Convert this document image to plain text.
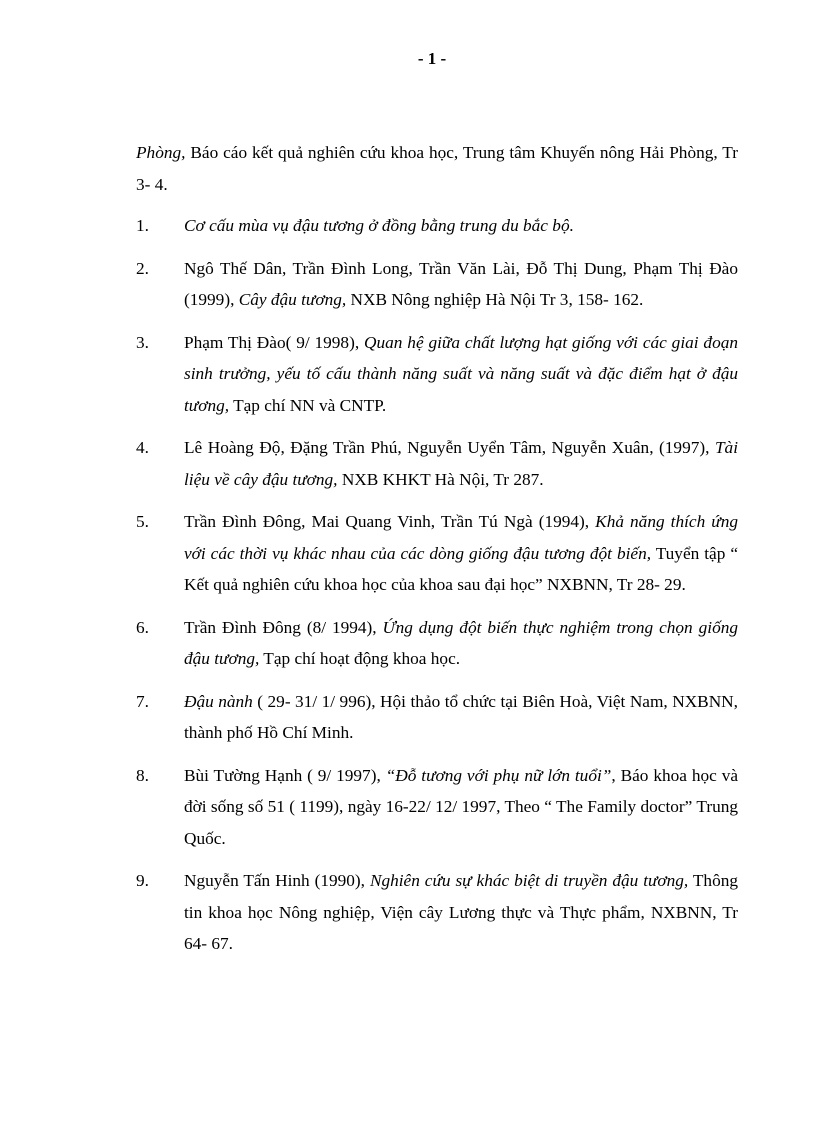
- 1 -

Phòng, Báo cáo kết quả nghiên cứu khoa học, Trung tâm Khuyến nông Hải Phòng, Tr 3- 4.

1. Cơ cấu mùa vụ đậu tương ở đồng bằng trung du bắc bộ.
2. Ngô Thế Dân, Trần Đình Long, Trần Văn Lài, Đỗ Thị Dung, Phạm Thị Đào (1999), Cây đậu tương, NXB Nông nghiệp Hà Nội Tr 3, 158- 162.
3. Phạm Thị Đào( 9/ 1998), Quan hệ giữa chất lượng hạt giống với các giai đoạn sinh trưởng, yếu tố cấu thành năng suất và năng suất và đặc điểm hạt ở đậu tương, Tạp chí NN và CNTP.
4. Lê Hoàng Độ, Đặng Trần Phú, Nguyễn Uyển Tâm, Nguyễn Xuân, (1997), Tài liệu về cây đậu tương, NXB KHKT Hà Nội, Tr 287.
5. Trần Đình Đông, Mai Quang Vinh, Trần Tú Ngà (1994), Khả năng thích ứng với các thời vụ khác nhau của các dòng giống đậu tương đột biến, Tuyển tập “ Kết quả nghiên cứu khoa học của khoa sau đại học” NXBNN, Tr 28- 29.
6. Trần Đình Đông (8/ 1994), Ứng dụng đột biến thực nghiệm trong chọn giống đậu tương, Tạp chí hoạt động khoa học.
7. Đậu nành ( 29- 31/ 1/ 996), Hội thảo tổ chức tại Biên Hoà, Việt Nam, NXBNN, thành phố Hồ Chí Minh.
8. Bùi Tường Hạnh ( 9/ 1997), “Đỗ tương với phụ nữ lớn tuổi”, Báo khoa học và đời sống số 51 ( 1199), ngày 16-22/ 12/ 1997, Theo “ The Family doctor” Trung Quốc.
9. Nguyễn Tấn Hinh (1990), Nghiên cứu sự khác biệt di truyền đậu tương, Thông tin khoa học Nông nghiệp, Viện cây Lương thực và Thực phẩm, NXBNN, Tr 64- 67.
